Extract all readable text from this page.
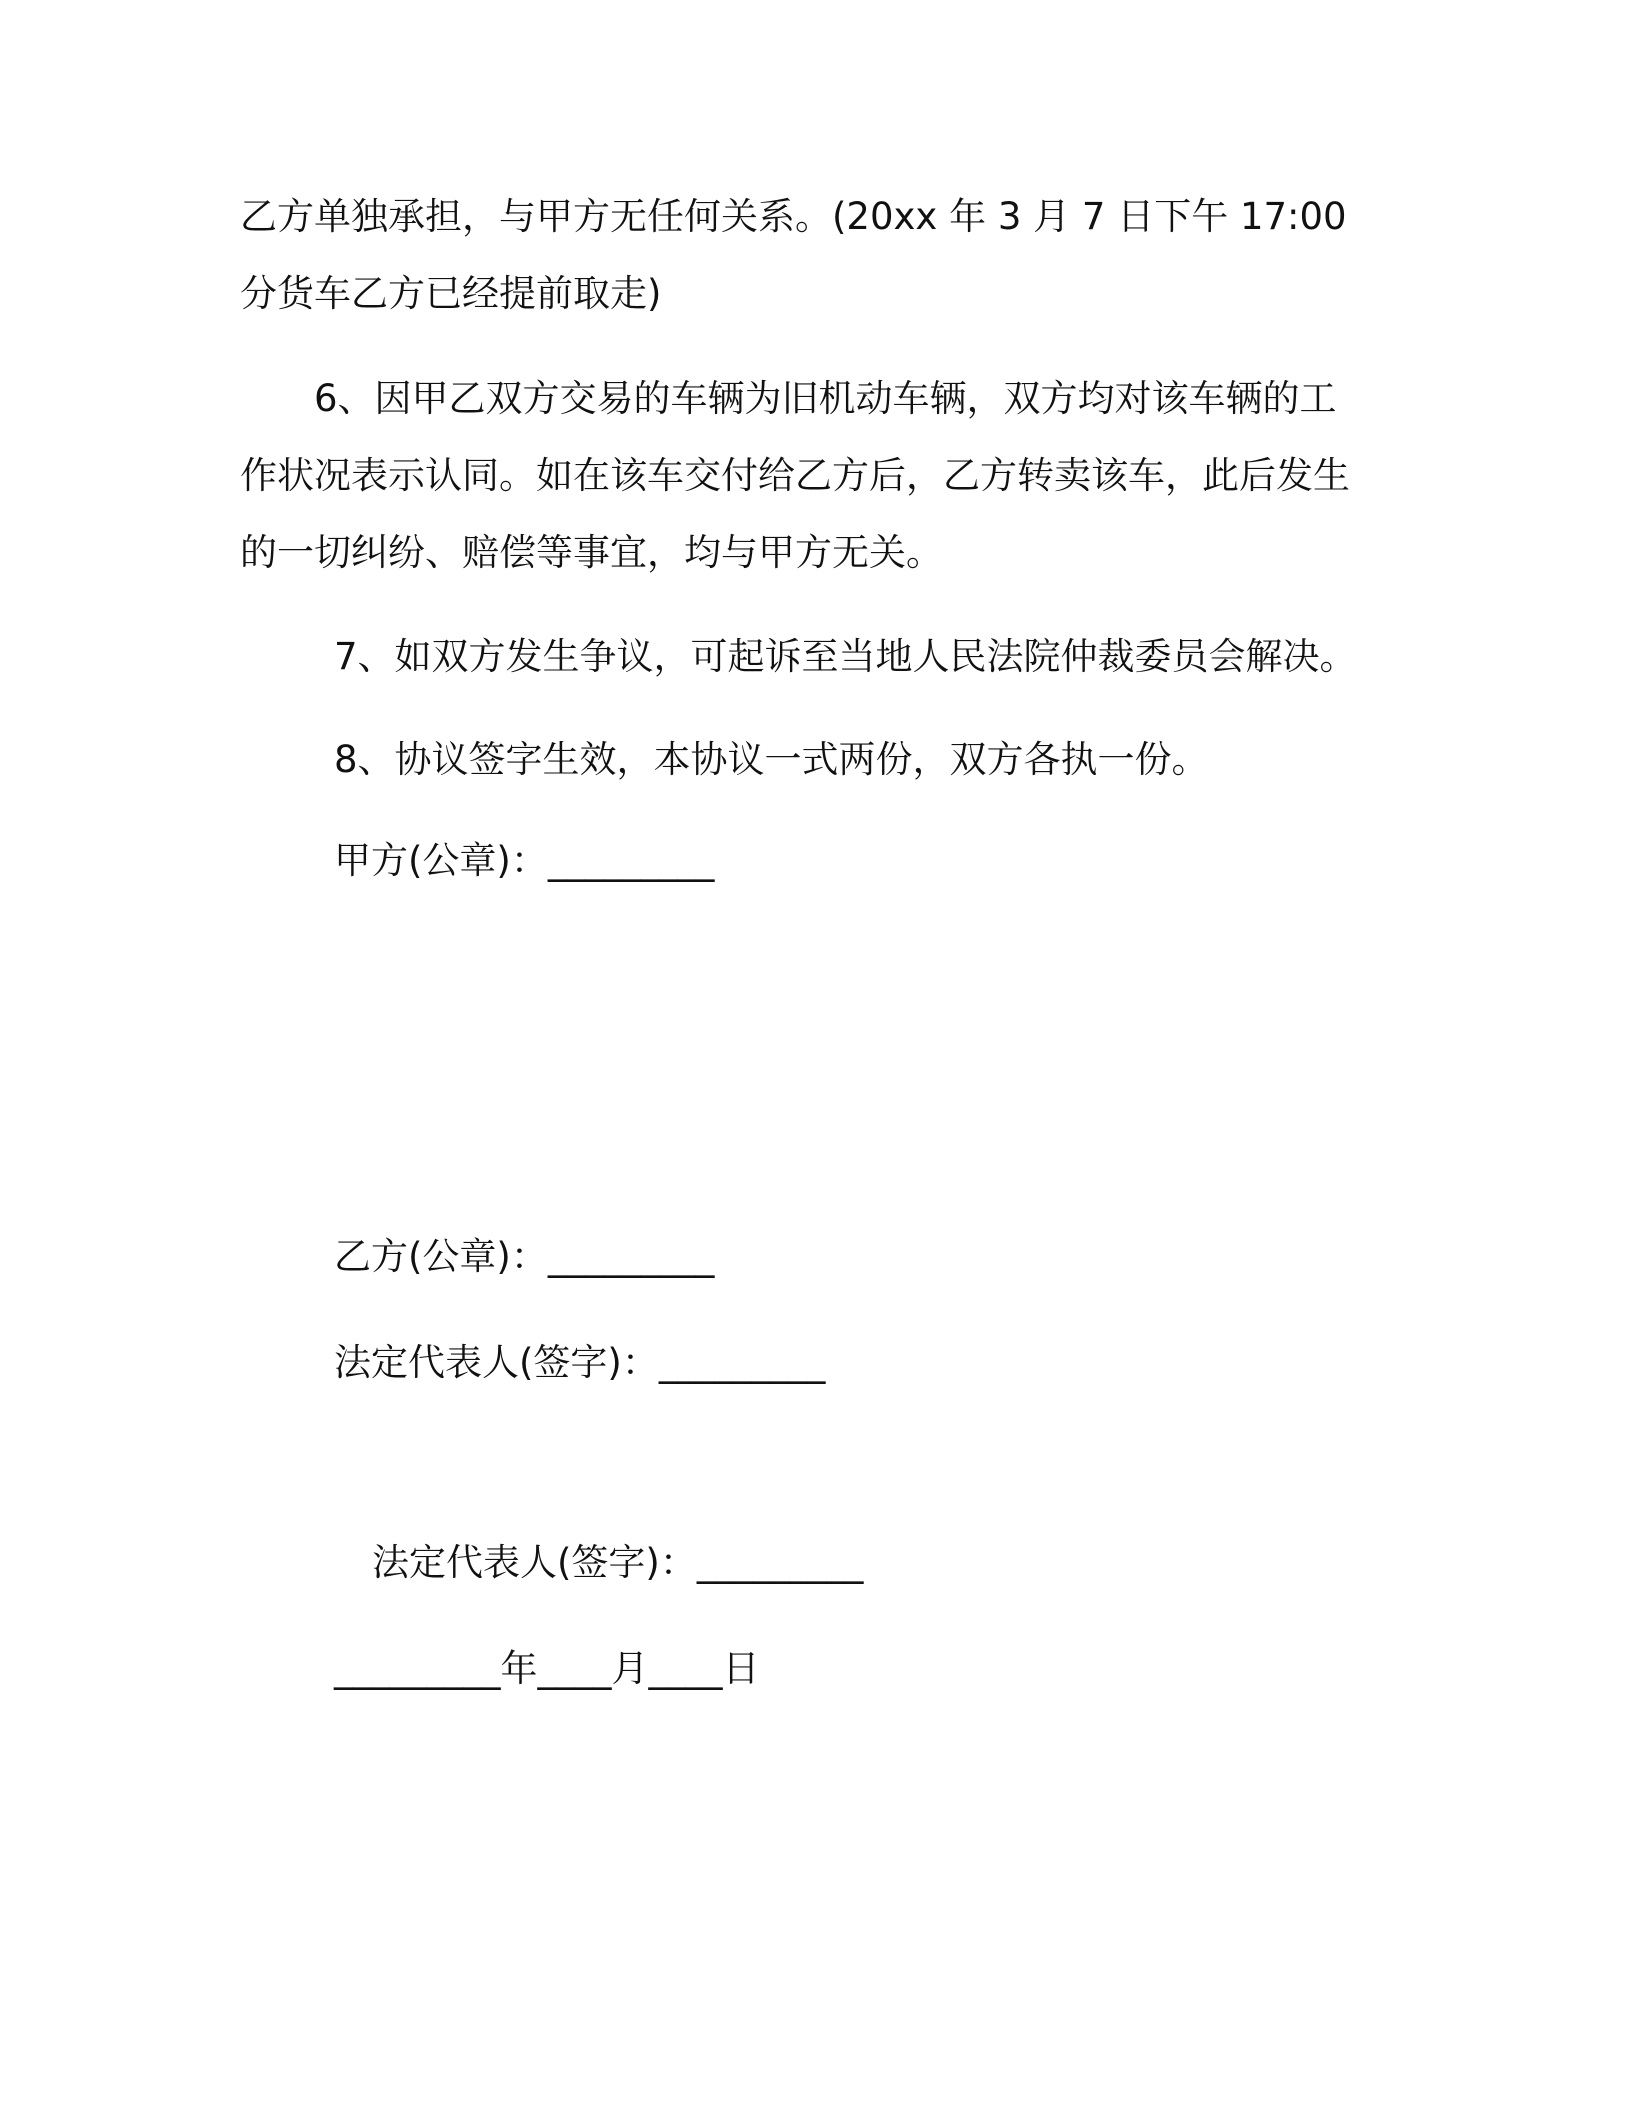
乙方单独承担，与甲方无任何关系。(20xx 年 3 月 7 日下午 17:00 分货车乙方已经提前取走)

　　6、因甲乙双方交易的车辆为旧机动车辆，双方均对该车辆的工作状况表示认同。如在该车交付给乙方后，乙方转卖该车，此后发生的一切纠纷、赔偿等事宜，均与甲方无关。

7、如双方发生争议，可起诉至当地人民法院仲裁委员会解决。

8、协议签字生效，本协议一式两份，双方各执一份。

甲方(公章)：_________

乙方(公章)：_________

法定代表人(签字)：_________

法定代表人(签字)：_________

_________年____月____日
